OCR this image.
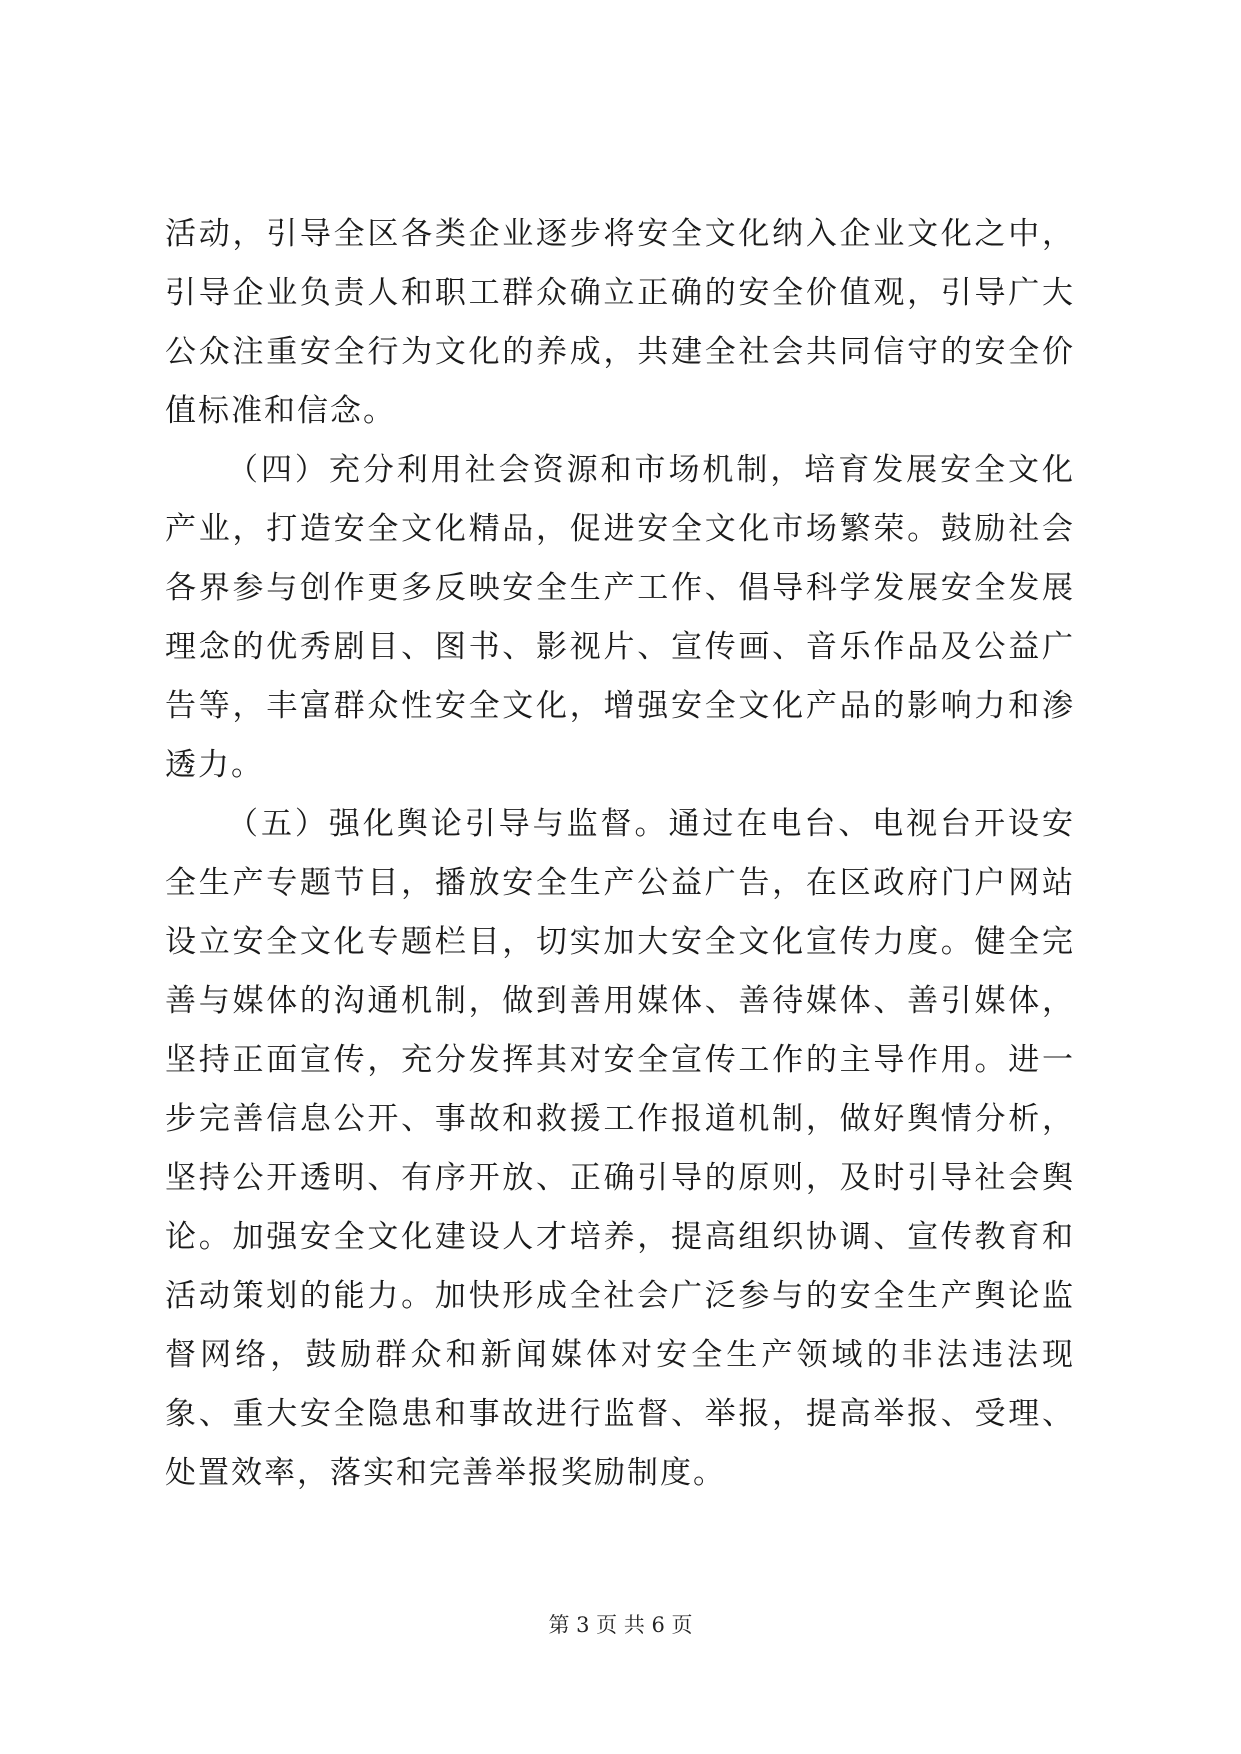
活动，引导全区各类企业逐步将安全文化纳入企业文化之中，引导企业负责人和职工群众确立正确的安全价值观，引导广大公众注重安全行为文化的养成，共建全社会共同信守的安全价值标准和信念。

（四）充分利用社会资源和市场机制，培育发展安全文化产业，打造安全文化精品，促进安全文化市场繁荣。鼓励社会各界参与创作更多反映安全生产工作、倡导科学发展安全发展理念的优秀剧目、图书、影视片、宣传画、音乐作品及公益广告等，丰富群众性安全文化，增强安全文化产品的影响力和渗透力。

（五）强化舆论引导与监督。通过在电台、电视台开设安全生产专题节目，播放安全生产公益广告，在区政府门户网站设立安全文化专题栏目，切实加大安全文化宣传力度。健全完善与媒体的沟通机制，做到善用媒体、善待媒体、善引媒体，坚持正面宣传，充分发挥其对安全宣传工作的主导作用。进一步完善信息公开、事故和救援工作报道机制，做好舆情分析，坚持公开透明、有序开放、正确引导的原则，及时引导社会舆论。加强安全文化建设人才培养，提高组织协调、宣传教育和活动策划的能力。加快形成全社会广泛参与的安全生产舆论监督网络，鼓励群众和新闻媒体对安全生产领域的非法违法现象、重大安全隐患和事故进行监督、举报，提高举报、受理、处置效率，落实和完善举报奖励制度。

第 3 页 共 6 页
